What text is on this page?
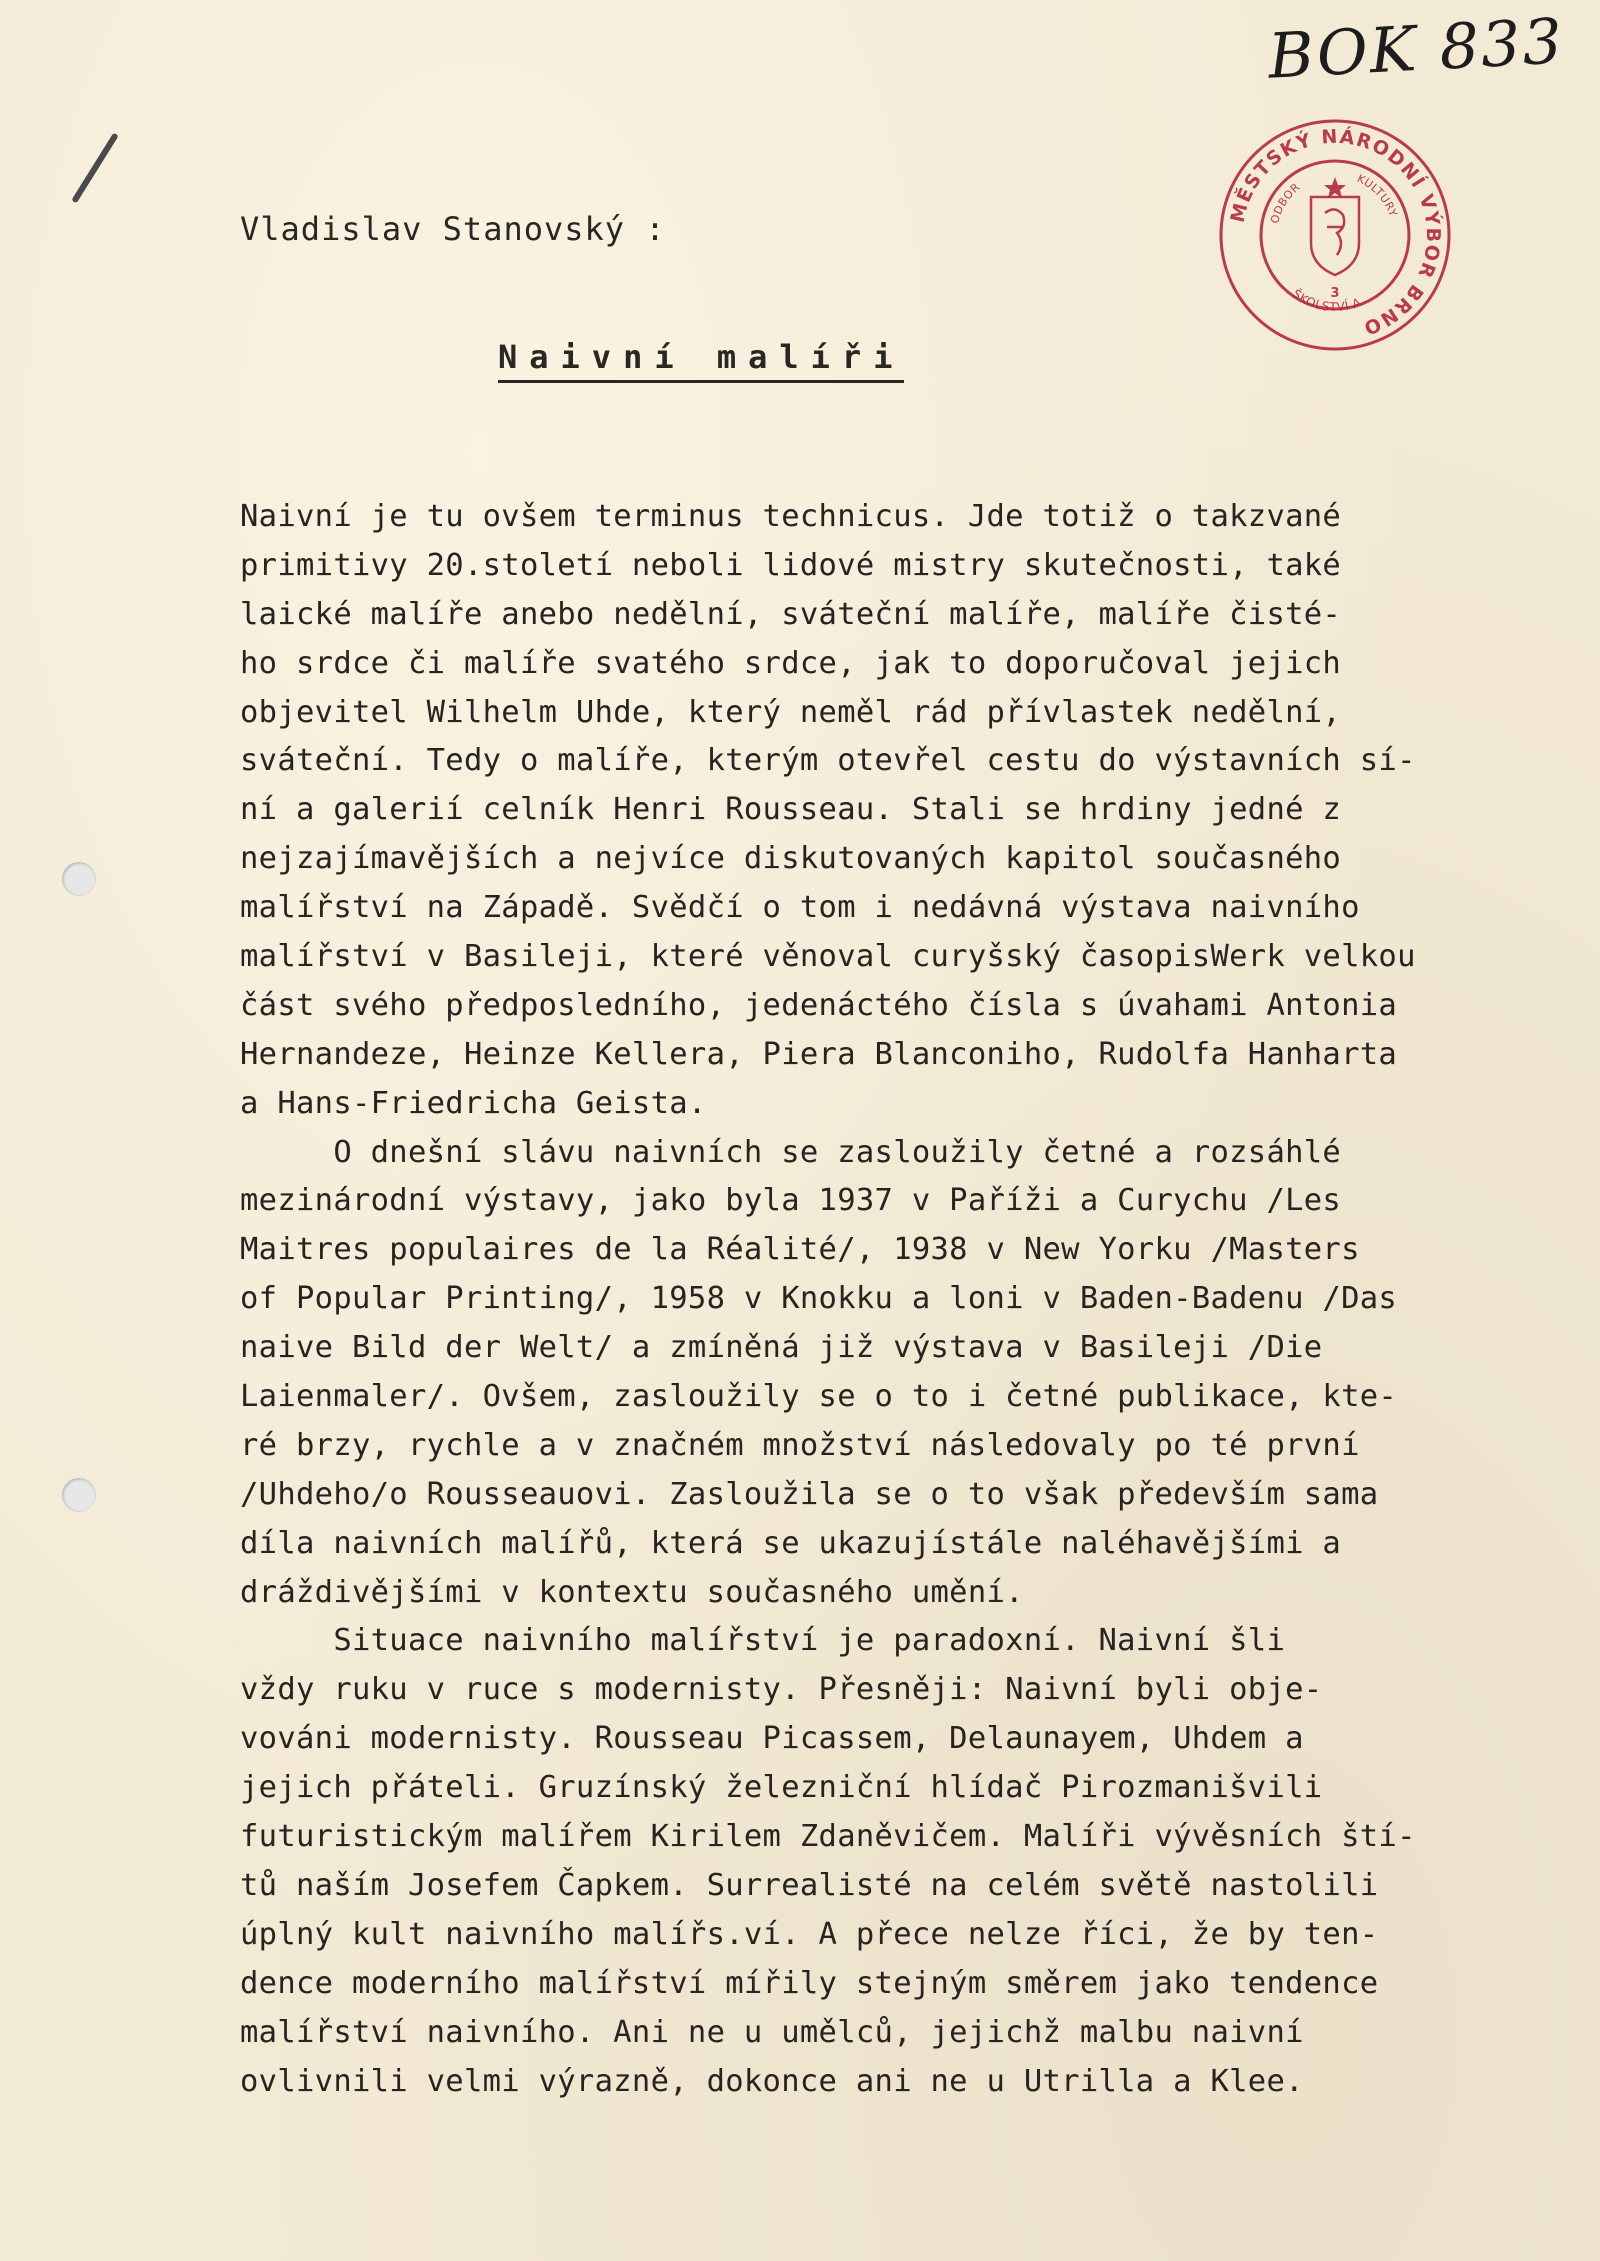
BOK 833
MĚSTSKÝ NÁRODNÍ VÝBOR BRNO
ODBOR
KULTURY
ŠKOLSTVÍ A
3
Vladislav Stanovský :
Naivní malíři
Naivní je tu ovšem terminus technicus. Jde totiž o takzvané
primitivy 20.století neboli lidové mistry skutečnosti, také
laické malíře anebo nedělní, sváteční malíře, malíře čisté-
ho srdce či malíře svatého srdce, jak to doporučoval jejich
objevitel Wilhelm Uhde, který neměl rád přívlastek nedělní,
sváteční. Tedy o malíře, kterým otevřel cestu do výstavních sí-
ní a galerií celník Henri Rousseau. Stali se hrdiny jedné z
nejzajímavějších a nejvíce diskutovaných kapitol současného
malířství na Západě. Svědčí o tom i nedávná výstava naivního
malířství v Basileji, které věnoval curyšský časopisWerk velkou
část svého předposledního, jedenáctého čísla s úvahami Antonia
Hernandeze, Heinze Kellera, Piera Blanconiho, Rudolfa Hanharta
a Hans-Friedricha Geista.
O dnešní slávu naivních se zasloužily četné a rozsáhlé
mezinárodní výstavy, jako byla 1937 v Paříži a Curychu /Les
Maitres populaires de la Réalité/, 1938 v New Yorku /Masters
of Popular Printing/, 1958 v Knokku a loni v Baden-Badenu /Das
naive Bild der Welt/ a zmíněná již výstava v Basileji /Die
Laienmaler/. Ovšem, zasloužily se o to i četné publikace, kte-
ré brzy, rychle a v značném množství následovaly po té první
/Uhdeho/o Rousseauovi. Zasloužila se o to však především sama
díla naivních malířů, která se ukazujístále naléhavějšími a
dráždivějšími v kontextu současného umění.
Situace naivního malířství je paradoxní. Naivní šli
vždy ruku v ruce s modernisty. Přesněji: Naivní byli obje-
vováni modernisty. Rousseau Picassem, Delaunayem, Uhdem a
jejich přáteli. Gruzínský železniční hlídač Pirozmanišvili
futuristickým malířem Kirilem Zdaněvičem. Malíři vývěsních ští-
tů naším Josefem Čapkem. Surrealisté na celém světě nastolili
úplný kult naivního malířs.ví. A přece nelze říci, že by ten-
dence moderního malířství mířily stejným směrem jako tendence
malířství naivního. Ani ne u umělců, jejichž malbu naivní
ovlivnili velmi výrazně, dokonce ani ne u Utrilla a Klee.
